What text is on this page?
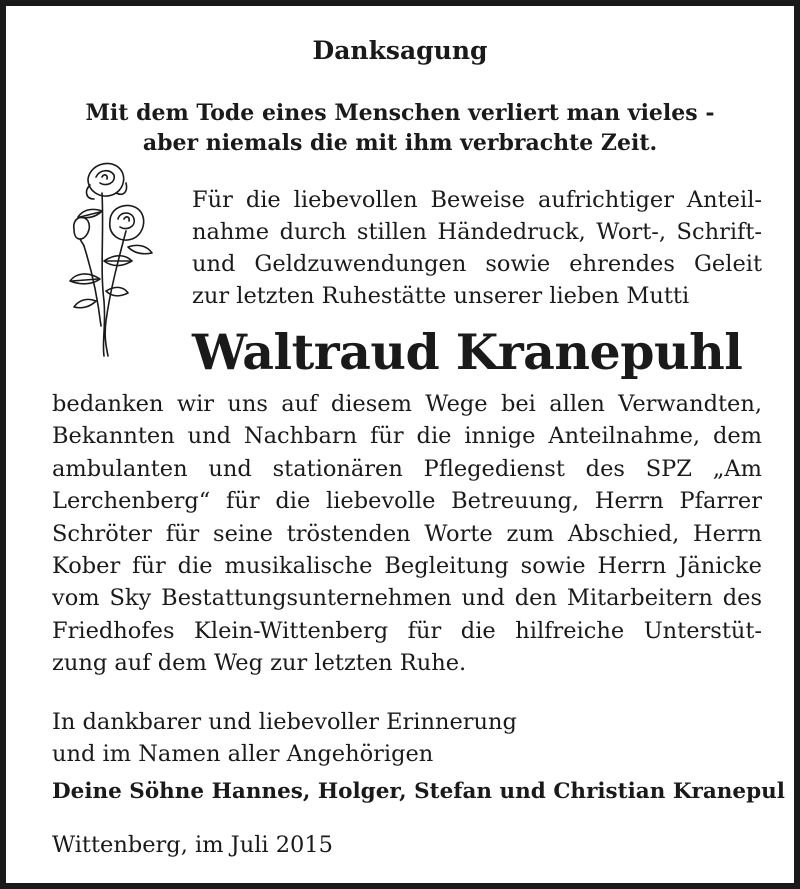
Danksagung
Mit dem Tode eines Menschen verliert man vieles -
aber niemals die mit ihm verbrachte Zeit.
Für die liebevollen Beweise aufrichtiger Anteil-
nahme durch stillen Händedruck, Wort-, Schrift-
und Geldzuwendungen sowie ehrendes Geleit
zur letzten Ruhestätte unserer lieben Mutti
Waltraud Kranepuhl
bedanken wir uns auf diesem Wege bei allen Verwandten,
Bekannten und Nachbarn für die innige Anteilnahme, dem
ambulanten und stationären Pflegedienst des SPZ „Am
Lerchenberg“ für die liebevolle Betreuung, Herrn Pfarrer
Schröter für seine tröstenden Worte zum Abschied, Herrn
Kober für die musikalische Begleitung sowie Herrn Jänicke
vom Sky Bestattungsunternehmen und den Mitarbeitern des
Friedhofes Klein-Wittenberg für die hilfreiche Unterstüt-
zung auf dem Weg zur letzten Ruhe.
In dankbarer und liebevoller Erinnerung
und im Namen aller Angehörigen
Deine Söhne Hannes, Holger, Stefan und Christian Kranepul
Wittenberg, im Juli 2015
